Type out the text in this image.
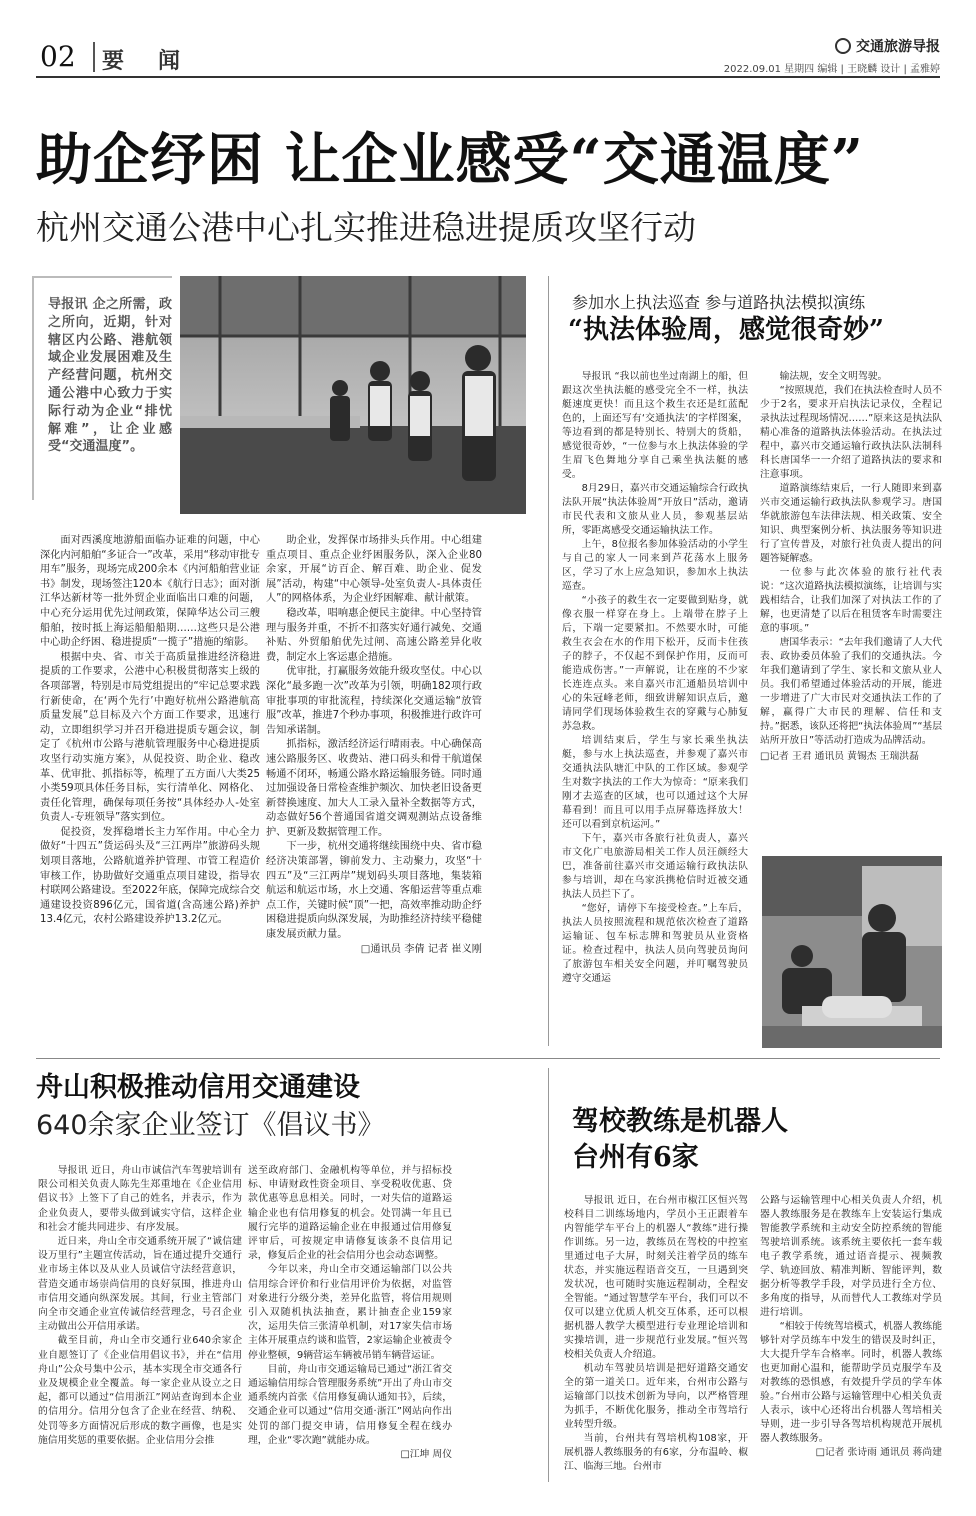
02 要　闻
交通旅游导报
2022.09.01 星期四 编辑 | 王晓麟 设计 | 孟雅婷
助企纾困 让企业感受“交通温度”
杭州交通公港中心扎实推进稳进提质攻坚行动
导报讯 企之所需，政之所向，近期，针对辖区内公路、港航领域企业发展困难及生产经营问题，杭州交通公港中心致力于实际行动为企业“排忧解难”，让企业感受“交通温度”。

面对西溪度地游船面临办证难的问题，中心深化内河船舶“多证合一”改革，采用“移动审批专用车”服务，现场完成200余本《内河船舶营业证书》制发，现场签注120本《航行日志》；面对浙江华达新材等一批外贸企业面临出口难的问题，中心充分运用优先过闸政策，保障华达公司三艘船舶，按时抵上海运船船船期……这些只是公港中心助企纾困、稳进提质“一揽子”措施的缩影。

根据中央、省、市关于高质量推进经济稳进提质的工作要求，公港中心积极贯彻落实上级的各项部署，特别是市局党组提出的“牢记总要求践行新使命，在‘两个先行’中跑好杭州公路港航高质量发展”总目标及六个方面工作要求，迅速行动，立即组织学习并召开稳进提质专题会议，制定了《杭州市公路与港航管理服务中心稳进提质攻坚行动实施方案》，从促投资、助企业、稳改革、优审批、抓指标等，梳理了五方面八大类25小类59项具体任务目标，实行清单化、网格化、责任化管理，确保每项任务按“具体经办人-处室负责人-专班领导”落实到位。

促投资，发挥稳增长主力军作用。中心全力做好“十四五”货运码头及“三江两岸”旅游码头规划项目落地，公路航道养护管理、市管工程造价审核工作，协助做好交通重点项目建设，指导农村联网公路建设。至2022年底，保障完成综合交通建设投资896亿元，国省道(含高速公路)养护13.4亿元，农村公路建设养护13.2亿元。

助企业，发挥保市场排头兵作用。中心组建重点项目、重点企业纾困服务队，深入企业80余家，开展“访百企、解百难、助企业、促发展”活动，构建“中心领导-处室负责人-具体责任人”的网格体系，为企业纾困解难、献计献策。

稳改革，唱响惠企便民主旋律。中心坚持管理与服务并重，不折不扣落实好通行减免、交通补贴、外贸船舶优先过闸、高速公路差异化收费，制定水上客运惠企措施。

优审批，打赢服务效能升级攻坚仗。中心以深化“最多跑一次”改革为引领，明确182项行政审批事项的审批流程，持续深化交通运输“放管服”改革，推进7个秒办事项，积极推进行政许可告知承诺制。

抓指标，激活经济运行晴雨表。中心确保高速公路服务区、收费站、港口码头和骨干航道保畅通不闭环，畅通公路水路运输服务链。同时通过加强设备日常检查维护频次、加快老旧设备更新替换速度、加大人工录入量补全数据等方式，动态做好56个普通国省道交调观测站点设备维护、更新及数据管理工作。

下一步，杭州交通将继续围绕中央、省市稳经济决策部署，铆前发力、主动聚力，攻坚“十四五”及“三江两岸”规划码头项目落地，集装箱航运和航运市场，水上交通、客船运营等重点难点工作，关键时候“顶”一把，高效率推动助企纾困稳进提质向纵深发展，为助推经济持续平稳健康发展贡献力量。

□通讯员 李倩 记者 崔义刚
参加水上执法巡查 参与道路执法模拟演练
“执法体验周，感觉很奇妙”

导报讯 “我以前也坐过南湖上的船，但跟这次坐执法艇的感受完全不一样，执法艇速度更快！而且这个救生衣还是红蓝配色的，上面还写有‘交通执法’的字样图案，等边看到的都是特别长、特别大的货船，感觉很奇妙，“一位参与水上执法体验的学生眉飞色舞地分享自己乘坐执法艇的感受。

8月29日，嘉兴市交通运输综合行政执法队开展“执法体验周”开放日”活动，邀请市民代表和文旅从业人员，参观基层站所，零距离感受交通运输执法工作。

上午，8位报名参加体验活动的小学生与自己的家人一同来到芦花荡水上服务区，学习了水上应急知识，参加水上执法巡查。

“小孩子的救生衣一定要做到贴身，就像衣服一样穿在身上。上端带在脖子上后，下端一定要紧扣。不然要水时，可能救生衣会在水的作用下松开，反而卡住孩子的脖子，不仅起不到保护作用，反而可能造成伤害。”一声解说，让在座的不少家长连连点头。来自嘉兴市汇通船员培训中心的朱冠峰老师，细致讲解知识点后，邀请同学们现场体验救生衣的穿戴与心肺复苏急救。

培训结束后，学生与家长乘坐执法艇，参与水上执法巡查，并参观了嘉兴市交通执法队塘汇中队的工作区域。参观学生对数字执法的工作大为惊奇：“原来我们刚才去巡查的区域，也可以通过这个大屏幕看到！而且可以用手点屏幕选择放大！还可以看到京杭运河。”

下午，嘉兴市各旅行社负责人，嘉兴市文化广电旅游局相关工作人员汪颜经大巴，准备前往嘉兴市交通运输行政执法队参与培训，却在乌家浜携枪信时近被交通执法人员拦下了。

“您好，请停下车接受检查。”上车后，执法人员按照流程和规范依次检查了道路运输证、包车标志牌和驾驶员从业资格证。检查过程中，执法人员向驾驶员询问了旅游包车相关安全问题，并叮嘱驾驶员遵守交通运

输法规，安全文明驾驶。

“按照规范，我们在执法检查时人员不少于2名，要求开启执法记录仪，全程记录执法过程现场情况……”原来这是执法队精心准备的道路执法体验活动。在执法过程中，嘉兴市交通运输行政执法队法制科科长唐国华一一介绍了道路执法的要求和注意事项。

道路演练结束后，一行人随即来到嘉兴市交通运输行政执法队参观学习。唐国华就旅游包车法律法规、相关政策、安全知识、典型案例分析、执法服务等知识进行了宣传普及，对旅行社负责人提出的问题答疑解惑。

一位参与此次体验的旅行社代表说：“这次道路执法模拟演练，让培训与实践相结合，让我们加深了对执法工作的了解，也更清楚了以后在租赁客车时需要注意的事项。”

唐国华表示：“去年我们邀请了人大代表、政协委员体验了我们的交通执法。今年我们邀请到了学生、家长和文旅从业人员。我们希望通过体验活动的开展，能进一步增进了广大市民对交通执法工作的了解，赢得广大市民的理解、信任和支持。”据悉，该队还将把“执法体验周”“基层站所开放日”等活动打造成为品牌活动。

□记者 王君 通讯员 黄锡杰 王瑞洪磊
舟山积极推动信用交通建设
640余家企业签订《倡议书》

导报讯 近日，舟山市诚信汽车驾驶培训有限公司相关负责人陈先生郑重地在《企业信用倡议书》上签下了自己的姓名，并表示，作为企业负责人，要带头做到诚实守信，这样企业和社会才能共同进步、有序发展。

近日来，舟山全市交通系统开展了“诚信建设万里行”主题宣传活动，旨在通过提升交通行业市场主体以及从业人员诚信守法经营意识，营造交通市场崇尚信用的良好氛围，推进舟山市信用交通向纵深发展。其间，行业主管部门向全市交通企业宣传诚信经营理念，号召企业主动做出公开信用承诺。

截至目前，舟山全市交通行业640余家企业自愿签订了《企业信用倡议书》，并在“信用舟山”公众号集中公示，基本实现全市交通各行业及规模企业全覆盖。每一家企业从设立之日起，都可以通过“信用浙江”网站查询到本企业的信用分。信用分包含了企业在经营、纳税、处罚等多方面情况后形成的数字画像，也是实施信用奖惩的重要依据。企业信用分会推

送至政府部门、金融机构等单位，并与招标投标、申请财政性资金项目、享受税收优惠、贷款优惠等息息相关。同时，一对失信的道路运输企业也有信用修复的机会。处罚满一年且已履行完毕的道路运输企业在申报通过信用修复评审后，可按规定申请修复该条不良信用记录，修复后企业的社会信用分也会动态调整。

今年以来，舟山全市交通运输部门以公共信用综合评价和行业信用评价为依据，对监管对象进行分级分类，差异化监管，将信用规则引入双随机执法抽查，累计抽查企业159家次，运用失信三张清单机制，对17家失信市场主体开展重点约谈和监管，2家运输企业被责令停业整顿，9辆营运车辆被吊销车辆营运证。

目前，舟山市交通运输局已通过“浙江省交通运输信用综合管理服务系统”开出了舟山市交通系统内首张《信用修复确认通知书》，后续，交通企业可以通过“信用交通·浙江”网站向作出处罚的部门提交申请，信用修复全程在线办理，企业“零次跑”就能办成。

□江坤 周仪
驾校教练是机器人
台州有6家

导报讯 近日，在台州市椒江区恒兴驾校科目二训练场地内，学员小王正跟着车内智能学车平台上的机器人“教练”进行操作训练。另一边，教练员在驾校的中控室里通过电子大屏，时刻关注着学员的练车状态，并实施远程语音交互，一旦遇到突发状况，也可随时实施远程制动，全程安全智能。“通过智慧学车平台，我们可以不仅可以建立优质人机交互体系，还可以根据机器人教学大模型进行专业理论培训和实操培训，进一步规范行业发展。”恒兴驾校相关负责人介绍道。

机动车驾驶员培训是把好道路交通安全的第一道关口。近年来，台州市公路与运输部门以技术创新为导向，以严格管理为抓手，不断优化服务，推动全市驾培行业转型升级。

当前，台州共有驾培机构108家，开展机器人教练服务的有6家，分布温岭、椒江、临海三地。台州市

公路与运输管理中心相关负责人介绍，机器人教练服务是在教练车上安装运行集成智能教学系统和主动安全防控系统的智能驾驶培训系统。该系统主要依托一套车载电子教学系统，通过语音提示、视频教学、轨迹回放、精准判断、智能评判，数据分析等教学手段，对学员进行全方位、多角度的指导，从而替代人工教练对学员进行培训。

“相较于传统驾培模式，机器人教练能够针对学员练车中发生的错误及时纠正，大大提升学车合格率。同时，机器人教练也更加耐心温和，能帮助学员克服学车及对教练的恐惧感，有效提升学员的学车体验。”台州市公路与运输管理中心相关负责人表示，该中心还将出台机器人驾培相关导则，进一步引导各驾培机构规范开展机器人教练服务。

□记者 张诗雨 通讯员 蒋尚建
